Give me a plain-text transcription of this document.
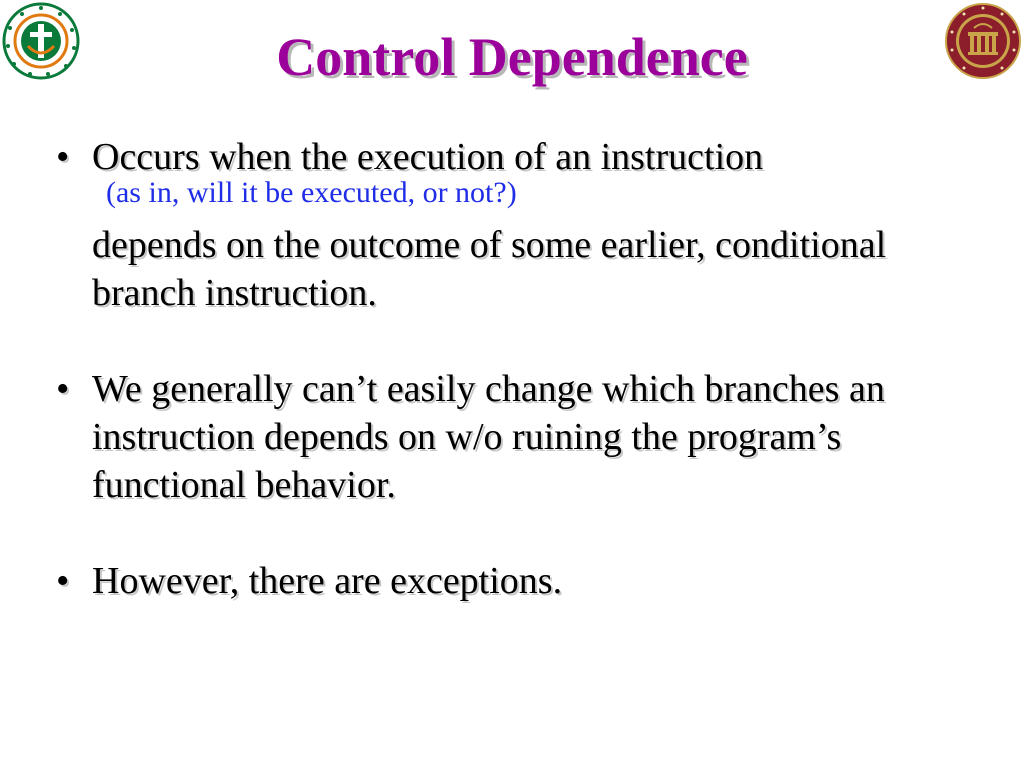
Control Dependence
• Occurs when the execution of an instruction
(as in, will it be executed, or not?)
depends on the outcome of some earlier, conditional branch instruction.
• We generally can’t easily change which branches an instruction depends on w/o ruining the program’s functional behavior.
• However, there are exceptions.
